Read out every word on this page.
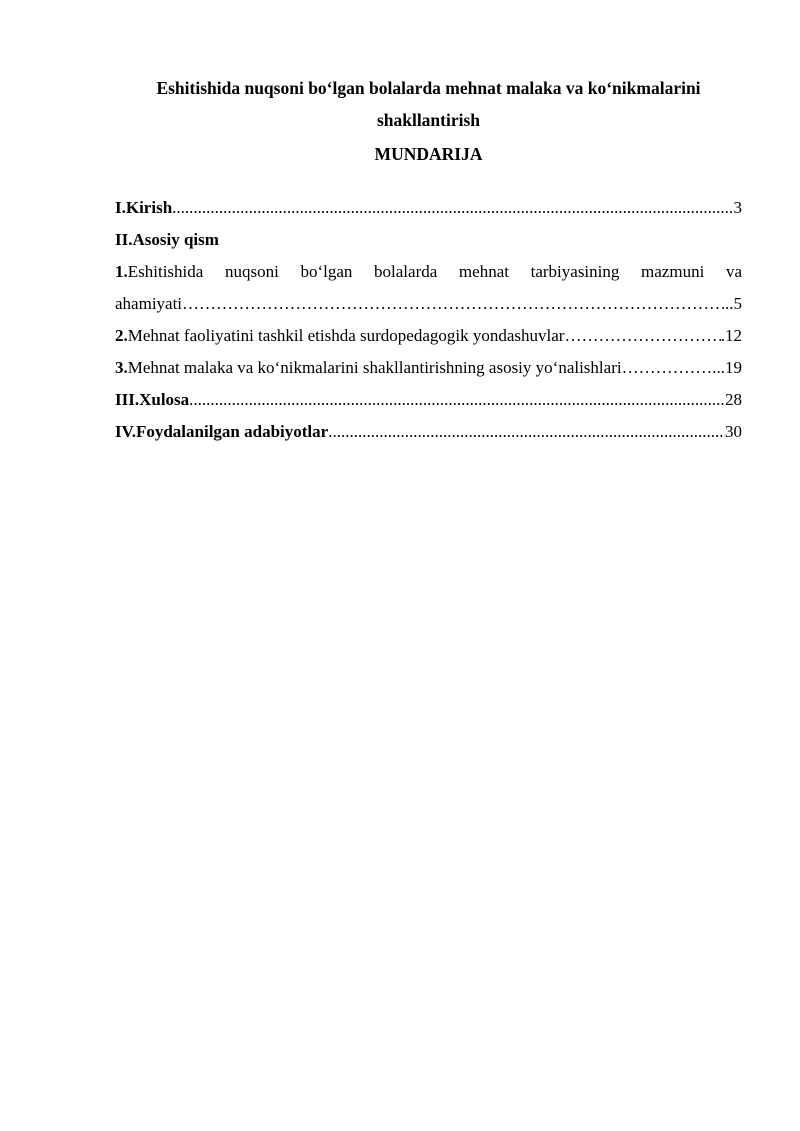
Eshitishida nuqsoni bo‘lgan bolalarda mehnat malaka va ko‘nikmalarini
shakllantirish
MUNDARIJA
I.Kirish .....	3
II.Asosiy qism
1.Eshitishida nuqsoni bo‘lgan bolalarda mehnat tarbiyasining mazmuni va
ahamiyati ……………………………………………………………………………………………………………………………………	..5
2.Mehnat faoliyatini tashkil etishda surdopedagogik yondashuvlar ……………………………………………………………………………………………………………………………………	.12
3.Mehnat malaka va ko‘nikmalarini shakllantirishning asosiy yo‘nalishlari ……………………………………………………………………………………………………………………………………	...19
III.Xulosa .....	28
IV.Foydalanilgan adabiyotlar .....	30
